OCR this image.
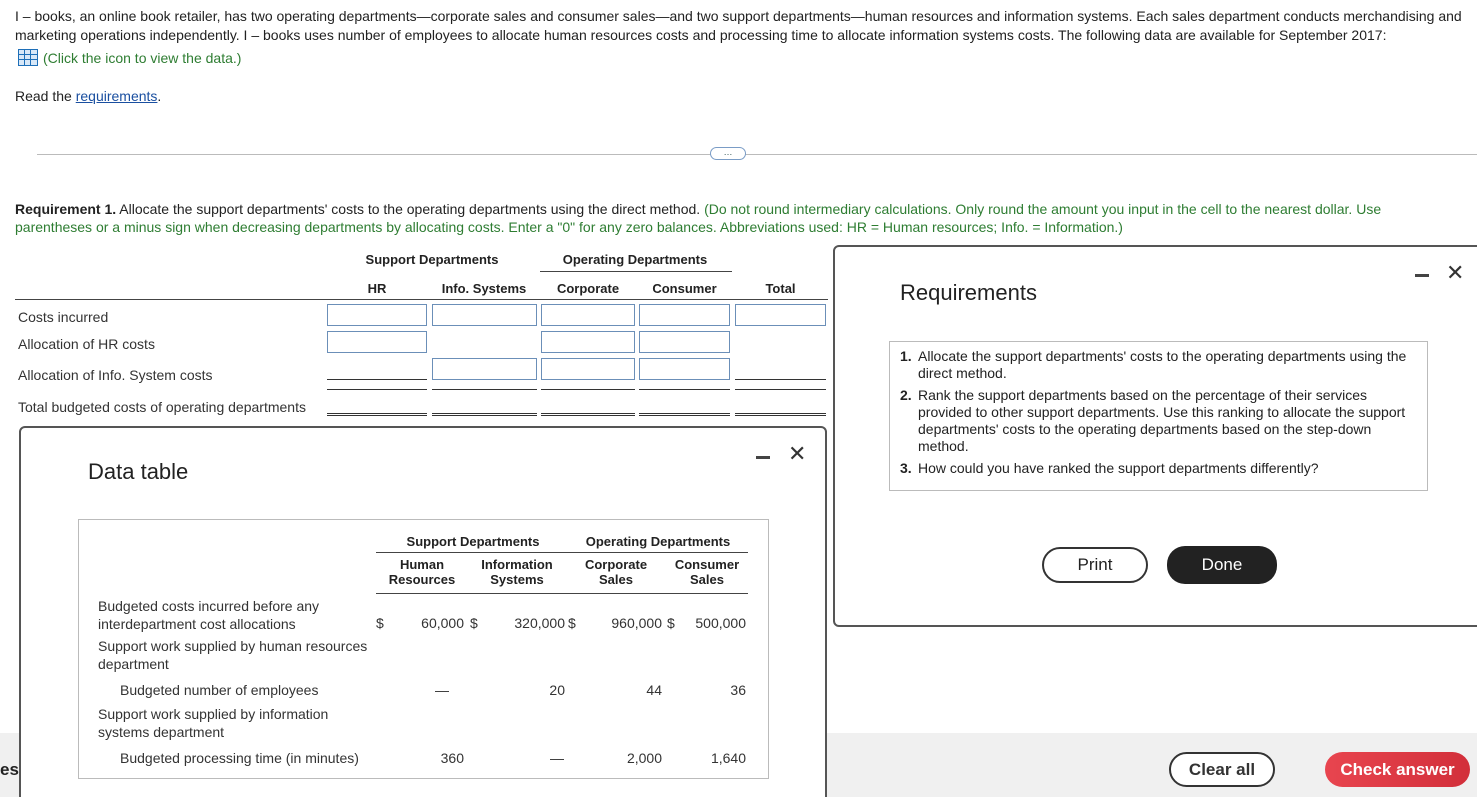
I – books, an online book retailer, has two operating departments—corporate sales and consumer sales—and two support departments—human resources and information systems. Each sales department conducts merchandising and marketing operations independently. I – books uses number of employees to allocate human resources costs and processing time to allocate information systems costs. The following data are available for September 2017:
(Click the icon to view the data.)
Read the requirements.
…
Requirement 1. Allocate the support departments' costs to the operating departments using the direct method. (Do not round intermediary calculations. Only round the amount you input in the cell to the nearest dollar. Use parentheses or a minus sign when decreasing departments by allocating costs. Enter a "0" for any zero balances. Abbreviations used: HR = Human resources; Info. = Information.)
Support Departments	Operating Departments
HR	Info. Systems	Corporate	Consumer	Total
Costs incurred
Allocation of HR costs
Allocation of Info. System costs
Total budgeted costs of operating departments
es	Clear all	Check answer
Requirements
✕
1. Allocate the support departments' costs to the operating departments using the direct method.
2. Rank the support departments based on the percentage of their services provided to other support departments. Use this ranking to allocate the support departments' costs to the operating departments based on the step-down method.
3. How could you have ranked the support departments differently?
Print	Done
Data table
✕
Support Departments	Operating Departments
Human
Resources
Information
Systems
Corporate
Sales
Consumer
Sales
Budgeted costs incurred before any
interdepartment cost allocations	$	60,000 $	320,000 $	960,000 $	500,000
Support work supplied by human resources
department
Budgeted number of employees	—	20	44	36
Support work supplied by information
systems department
Budgeted processing time (in minutes)	360	—	2,000	1,640
